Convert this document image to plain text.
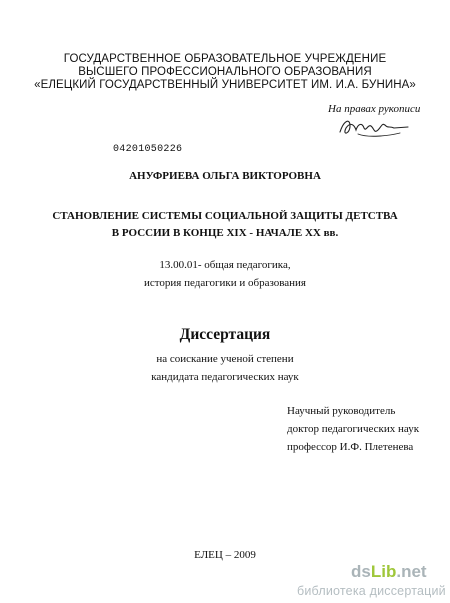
ГОСУДАРСТВЕННОЕ ОБРАЗОВАТЕЛЬНОЕ УЧРЕЖДЕНИЕ
ВЫСШЕГО ПРОФЕССИОНАЛЬНОГО ОБРАЗОВАНИЯ
«ЕЛЕЦКИЙ ГОСУДАРСТВЕННЫЙ УНИВЕРСИТЕТ ИМ. И.А. БУНИНА»
На правах рукописи
04201050226
АНУФРИЕВА ОЛЬГА ВИКТОРОВНА
СТАНОВЛЕНИЕ СИСТЕМЫ СОЦИАЛЬНОЙ ЗАЩИТЫ ДЕТСТВА
В РОССИИ В КОНЦЕ XIX - НАЧАЛЕ XX вв.
13.00.01- общая педагогика,
история педагогики и образования
Диссертация
на соискание ученой степени
кандидата педагогических наук
Научный руководитель
доктор педагогических наук
профессор И.Ф. Плетенева
ЕЛЕЦ – 2009
dsLib.net
библиотека диссертаций
